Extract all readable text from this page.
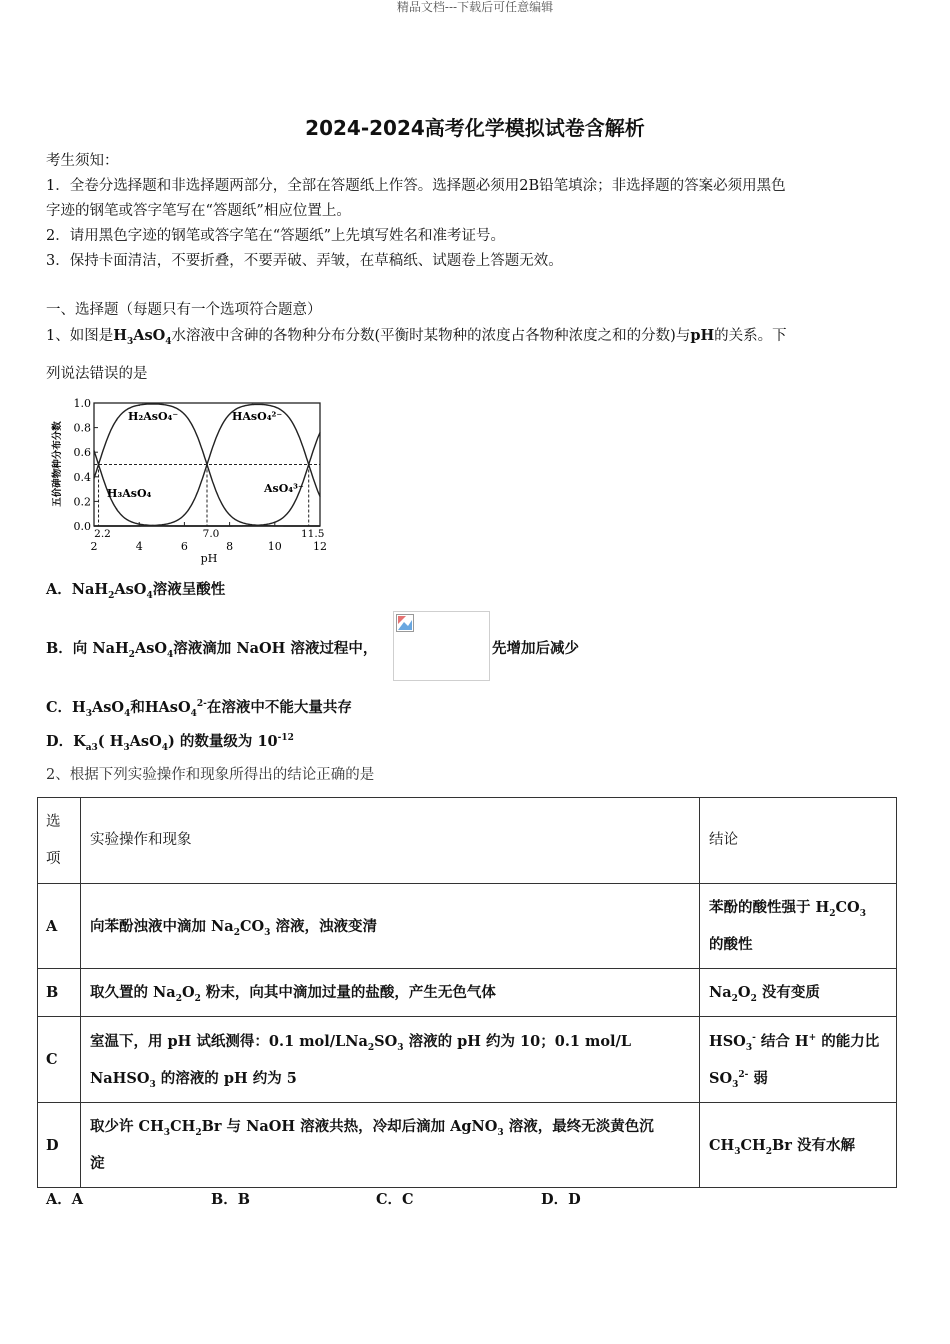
精品文档---下载后可任意编辑
2024-2024高考化学模拟试卷含解析
考生须知：
1．全卷分选择题和非选择题两部分，全部在答题纸上作答。选择题必须用2B铅笔填涂；非选择题的答案必须用黑色
字迹的钢笔或答字笔写在“答题纸”相应位置上。
2．请用黑色字迹的钢笔或答字笔在“答题纸”上先填写姓名和准考证号。
3．保持卡面清洁，不要折叠，不要弄破、弄皱，在草稿纸、试题卷上答题无效。
一、选择题（每题只有一个选项符合题意）
1、如图是$H_3AsO_4$水溶液中含砷的各物种分布分数(平衡时某物种的浓度占各物种浓度之和的分数)与pH的关系。下
列说法错误的是
0.0
0.2
0.4
0.6
0.8
1.0
2	4	6	8	10	12
2.2	7.0	11.5
pH
五价砷物种分布分数	H₃AsO₄
H₂AsO₄⁻	HAsO₄²⁻
AsO₄³⁻
A．NaH$_2$AsO$_4$溶液呈酸性
B．向 NaH$_2$AsO$_4$溶液滴加 NaOH 溶液过程中，	先增加后减少
C．$H_3AsO_4$和HAsO$_4^{2-}$在溶液中不能大量共存
D．$K_{a3}$( $H_3AsO_4$) 的数量级为 $10^{-12}$
2、根据下列实验操作和现象所得出的结论正确的是
选
项	实验操作和现象	结论
A	向苯酚浊液中滴加 $Na_2CO_3$ 溶液，浊液变清	苯酚的酸性强于 $H_2CO_3$
的酸性
B	取久置的 $Na_2O_2$ 粉末，向其中滴加过量的盐酸，产生无色气体	$Na_2O_2$ 没有变质
C	室温下，用 pH 试纸测得：0.1 mol/$LNa_2SO_3$ 溶液的 pH 约为 10；0.1 mol/L
NaHSO$_3$ 的溶液的 pH 约为 5	$HSO_3^-$ 结合 H+ 的能力比
$SO_3^{2-}$ 弱
D	取少许 $CH_3CH_2Br$ 与 NaOH 溶液共热，冷却后滴加 AgNO$_3$ 溶液，最终无淡黄色沉
淀	$CH_3CH_2Br$ 没有水解
A．A	B．B	C．C	D．D
